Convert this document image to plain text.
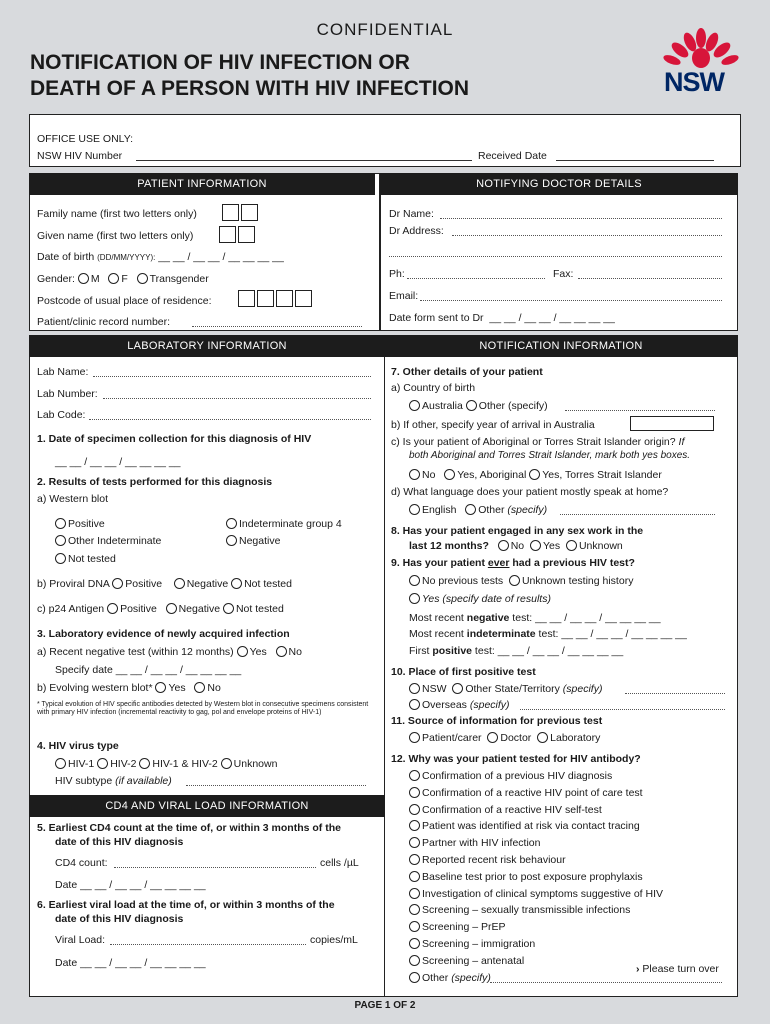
CONFIDENTIAL
NOTIFICATION OF HIV INFECTION OR
DEATH OF A PERSON WITH HIV INFECTION	NSW
OFFICE USE ONLY:
NSW HIV Number	Received Date
PATIENT INFORMATION	NOTIFYING DOCTOR DETAILS
Family name (first two letters only)
Given name (first two letters only)
Date of birth (DD/MM/YYYY): __ __ / __ __ / __ __ __ __
Gender: M F Transgender
Postcode of usual place of residence:
Patient/clinic record number:
Dr Name:
Dr Address:
Ph:	Fax:
Email:
Date form sent to Dr __ __ / __ __ / __ __ __ __
LABORATORY INFORMATION	NOTIFICATION INFORMATION
Lab Name:
Lab Number:
Lab Code:
1. Date of specimen collection for this diagnosis of HIV
__ __ / __ __ / __ __ __ __
2. Results of tests performed for this diagnosis
a) Western blot
Positive	Indeterminate group 4
Other Indeterminate	Negative
Not tested
b) Proviral DNA Positive Negative Not tested
c) p24 Antigen Positive Negative Not tested
3. Laboratory evidence of newly acquired infection
a) Recent negative test (within 12 months) Yes No
Specify date __ __ / __ __ / __ __ __ __
b) Evolving western blot* Yes No
* Typical evolution of HIV specific antibodies detected by Western blot in consecutive specimens consistent with primary HIV infection (incremental reactivity to gag, pol and envelope proteins of HIV-1)
4. HIV virus type
HIV-1 HIV-2 HIV-1 & HIV-2 Unknown
HIV subtype (if available)
CD4 AND VIRAL LOAD INFORMATION
5. Earliest CD4 count at the time of, or within 3 months of the
date of this HIV diagnosis
CD4 count:	cells /µL
Date __ __ / __ __ / __ __ __ __
6. Earliest viral load at the time of, or within 3 months of the
date of this HIV diagnosis
Viral Load:	copies/mL
Date __ __ / __ __ / __ __ __ __
7. Other details of your patient
a) Country of birth
Australia Other (specify)
b) If other, specify year of arrival in Australia
c) Is your patient of Aboriginal or Torres Strait Islander origin? If
both Aboriginal and Torres Strait Islander, mark both yes boxes.
No Yes, Aboriginal Yes, Torres Strait Islander
d) What language does your patient mostly speak at home?
English Other (specify)
8. Has your patient engaged in any sex work in the
last 12 months? No Yes Unknown
9. Has your patient ever had a previous HIV test?
No previous tests Unknown testing history
Yes (specify date of results)
Most recent negative test: __ __ / __ __ / __ __ __ __
Most recent indeterminate test: __ __ / __ __ / __ __ __ __
First positive test: __ __ / __ __ / __ __ __ __
10. Place of first positive test
NSW Other State/Territory (specify)
Overseas (specify)
11. Source of information for previous test
Patient/carer Doctor Laboratory
12. Why was your patient tested for HIV antibody?
Confirmation of a previous HIV diagnosis
Confirmation of a reactive HIV point of care test
Confirmation of a reactive HIV self-test
Patient was identified at risk via contact tracing
Partner with HIV infection
Reported recent risk behaviour
Baseline test prior to post exposure prophylaxis
Investigation of clinical symptoms suggestive of HIV
Screening – sexually transmissible infections
Screening – PrEP
Screening – immigration
Screening – antenatal
Other (specify)
› Please turn over
PAGE 1 OF 2
